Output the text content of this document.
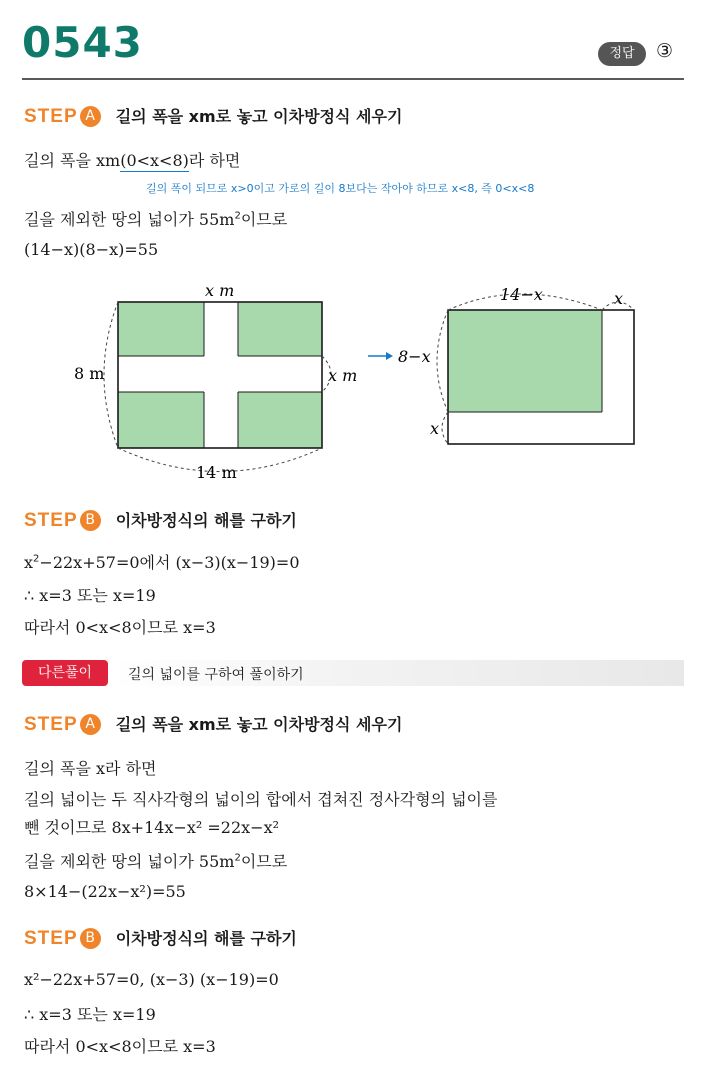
0543	정답	③
STEP A 길의 폭을 xm로 놓고 이차방정식 세우기
길의 폭을 xm(0<x<8)라 하면
길의 폭이 되므로 x>0이고 가로의 길이 8보다는 작아야 하므로 x<8, 즉 0<x<8
길을 제외한 땅의 넓이가 $55m^2$이므로
(14−x)(8−x)=55
x m
8 m	x m
14 m
8−x
14−x	x
x
STEP B 이차방정식의 해를 구하기
$x^2-22x+57=0$에서 (x−3)(x−19)=0
∴ x=3 또는 x=19
따라서 0<x<8이므로 x=3
다른풀이	길의 넓이를 구하여 풀이하기
STEP A 길의 폭을 xm로 놓고 이차방정식 세우기
길의 폭을 x라 하면
길의 넓이는 두 직사각형의 넓이의 합에서 겹쳐진 정사각형의 넓이를
뺀 것이므로 8x+14x−x² =22x−x²
길을 제외한 땅의 넓이가 $55m^2$이므로
8×14−(22x−x²)=55
STEP B 이차방정식의 해를 구하기
x²−22x+57=0, (x−3) (x−19)=0
∴ x=3 또는 x=19
따라서 0<x<8이므로 x=3
